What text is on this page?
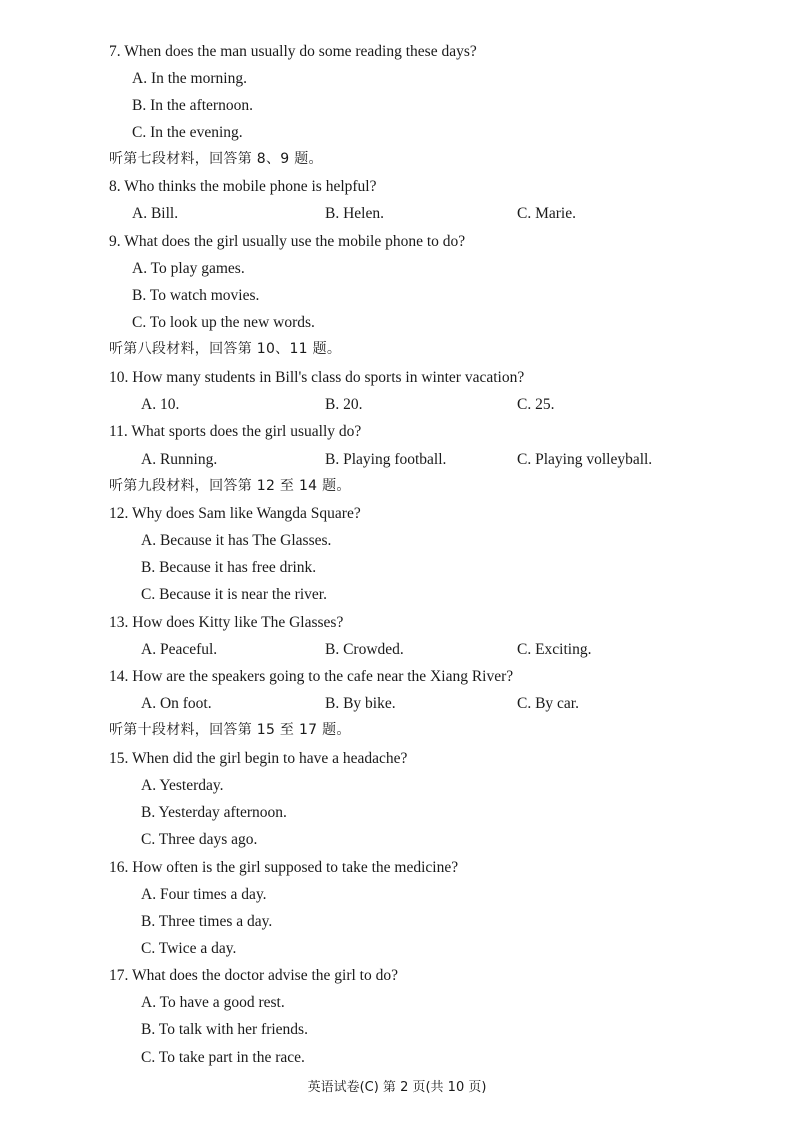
7. When does the man usually do some reading these days?
A. In the morning.
B. In the afternoon.
C. In the evening.
听第七段材料，回答第 8、9 题。
8. Who thinks the mobile phone is helpful?
A. Bill.	B. Helen.	C. Marie.
9. What does the girl usually use the mobile phone to do?
A. To play games.
B. To watch movies.
C. To look up the new words.
听第八段材料，回答第 10、11 题。
10. How many students in Bill's class do sports in winter vacation?
A. 10.	B. 20.	C. 25.
11. What sports does the girl usually do?
A. Running.	B. Playing football.	C. Playing volleyball.
听第九段材料，回答第 12 至 14 题。
12. Why does Sam like Wangda Square?
A. Because it has The Glasses.
B. Because it has free drink.
C. Because it is near the river.
13. How does Kitty like The Glasses?
A. Peaceful.	B. Crowded.	C. Exciting.
14. How are the speakers going to the cafe near the Xiang River?
A. On foot.	B. By bike.	C. By car.
听第十段材料，回答第 15 至 17 题。
15. When did the girl begin to have a headache?
A. Yesterday.
B. Yesterday afternoon.
C. Three days ago.
16. How often is the girl supposed to take the medicine?
A. Four times a day.
B. Three times a day.
C. Twice a day.
17. What does the doctor advise the girl to do?
A. To have a good rest.
B. To talk with her friends.
C. To take part in the race.
英语试卷(C) 第 2 页(共 10 页)
